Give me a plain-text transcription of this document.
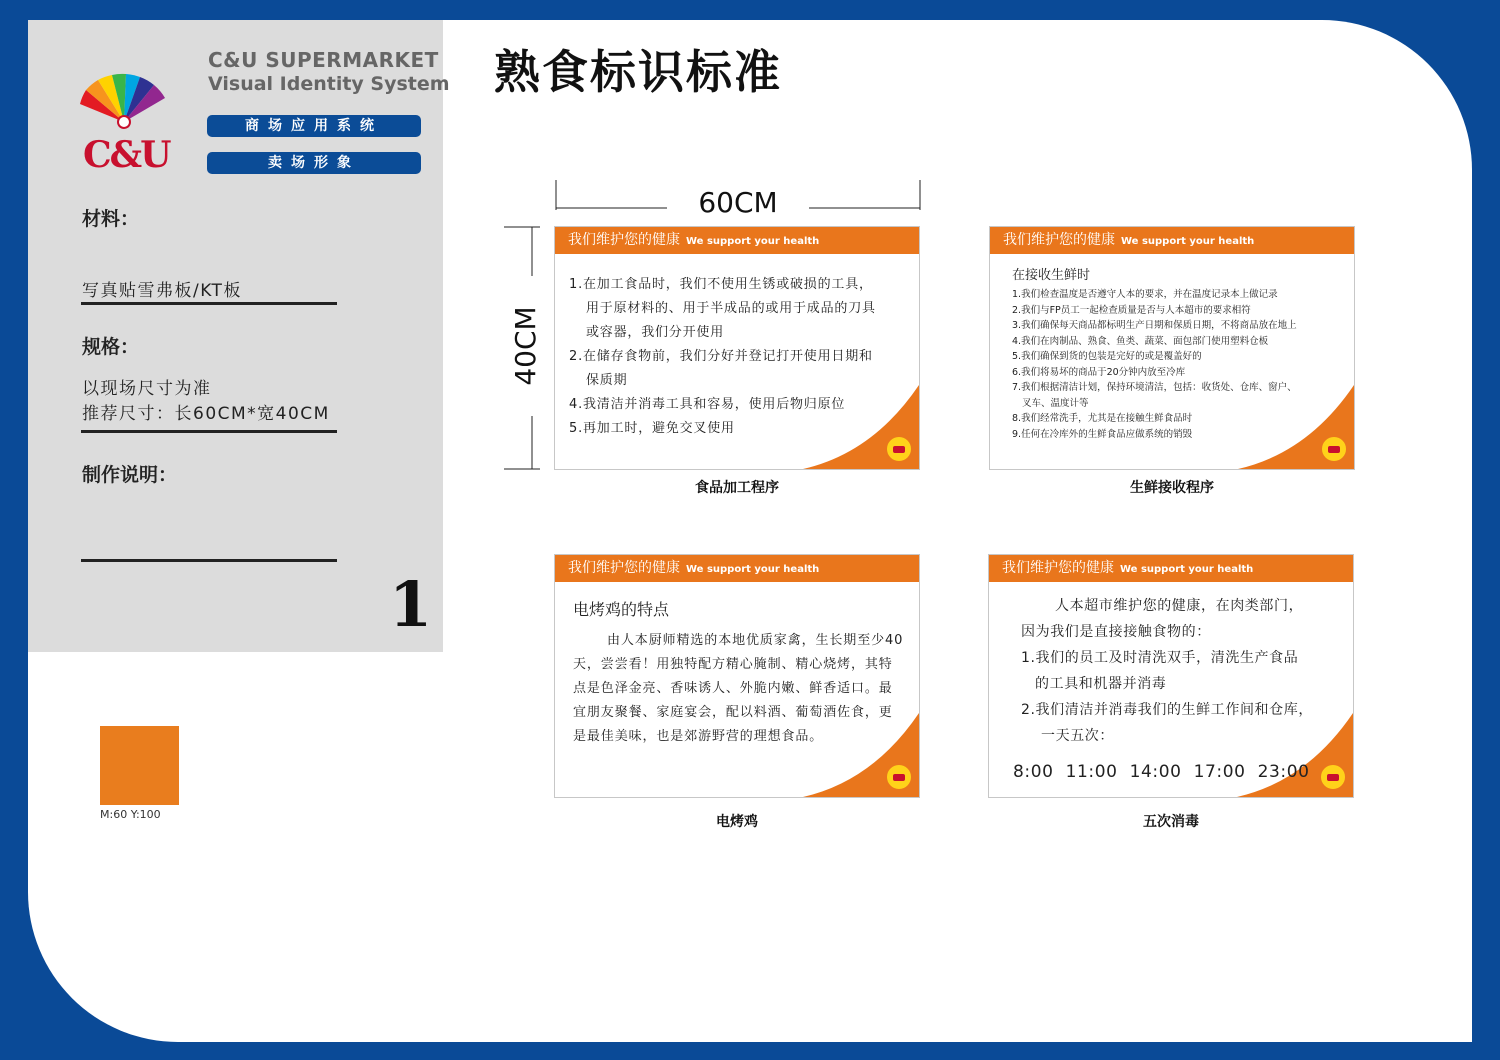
C&U
C&U SUPERMARKET
Visual Identity System
商场应用系统
卖场形象
材料：
写真贴雪弗板/KT板
规格：
以现场尺寸为准
推荐尺寸：长60CM*宽40CM
制作说明：
1
M:60 Y:100
熟食标识标准
60CM
40CM
我们维护您的健康 We support your health

1.在加工食品时，我们不使用生锈或破损的工具，

用于原材料的、用于半成品的或用于成品的刀具

或容器，我们分开使用

2.在储存食物前，我们分好并登记打开使用日期和

保质期

4.我清洁并消毒工具和容易，使用后物归原位

5.再加工时，避免交叉使用

食品加工程序
我们维护您的健康 We support your health
在接收生鲜时

1.我们检查温度是否遵守人本的要求，并在温度记录本上做记录

2.我们与FP员工一起检查质量是否与人本超市的要求相符

3.我们确保每天商品都标明生产日期和保质日期，不将商品放在地上

4.我们在肉制品、熟食、鱼类、蔬菜、面包部门使用塑料仓板

5.我们确保到货的包装是完好的或是覆盖好的

6.我们将易坏的商品于20分钟内放至冷库

7.我们根据清洁计划，保持环境清洁，包括：收货处、仓库、窗户、

叉车、温度计等

8.我们经常洗手，尤其是在接触生鲜食品时

9.任何在冷库外的生鲜食品应做系统的销毁

生鲜接收程序
我们维护您的健康 We support your health
电烤鸡的特点

由人本厨师精选的本地优质家禽，生长期至少40天，尝尝看！用独特配方精心腌制、精心烧烤，其特点是色泽金亮、香味诱人、外脆内嫩、鲜香适口。最宜朋友聚餐、家庭宴会，配以料酒、葡萄酒佐食，更是最佳美味，也是郊游野营的理想食品。

电烤鸡
我们维护您的健康 We support your health

人本超市维护您的健康，在肉类部门，

因为我们是直接接触食物的：

1.我们的员工及时清洗双手，清洗生产食品

的工具和机器并消毒

2.我们清洁并消毒我们的生鲜工作间和仓库，

一天五次：

8:00 11:00 14:00 17:00 23:00

五次消毒
